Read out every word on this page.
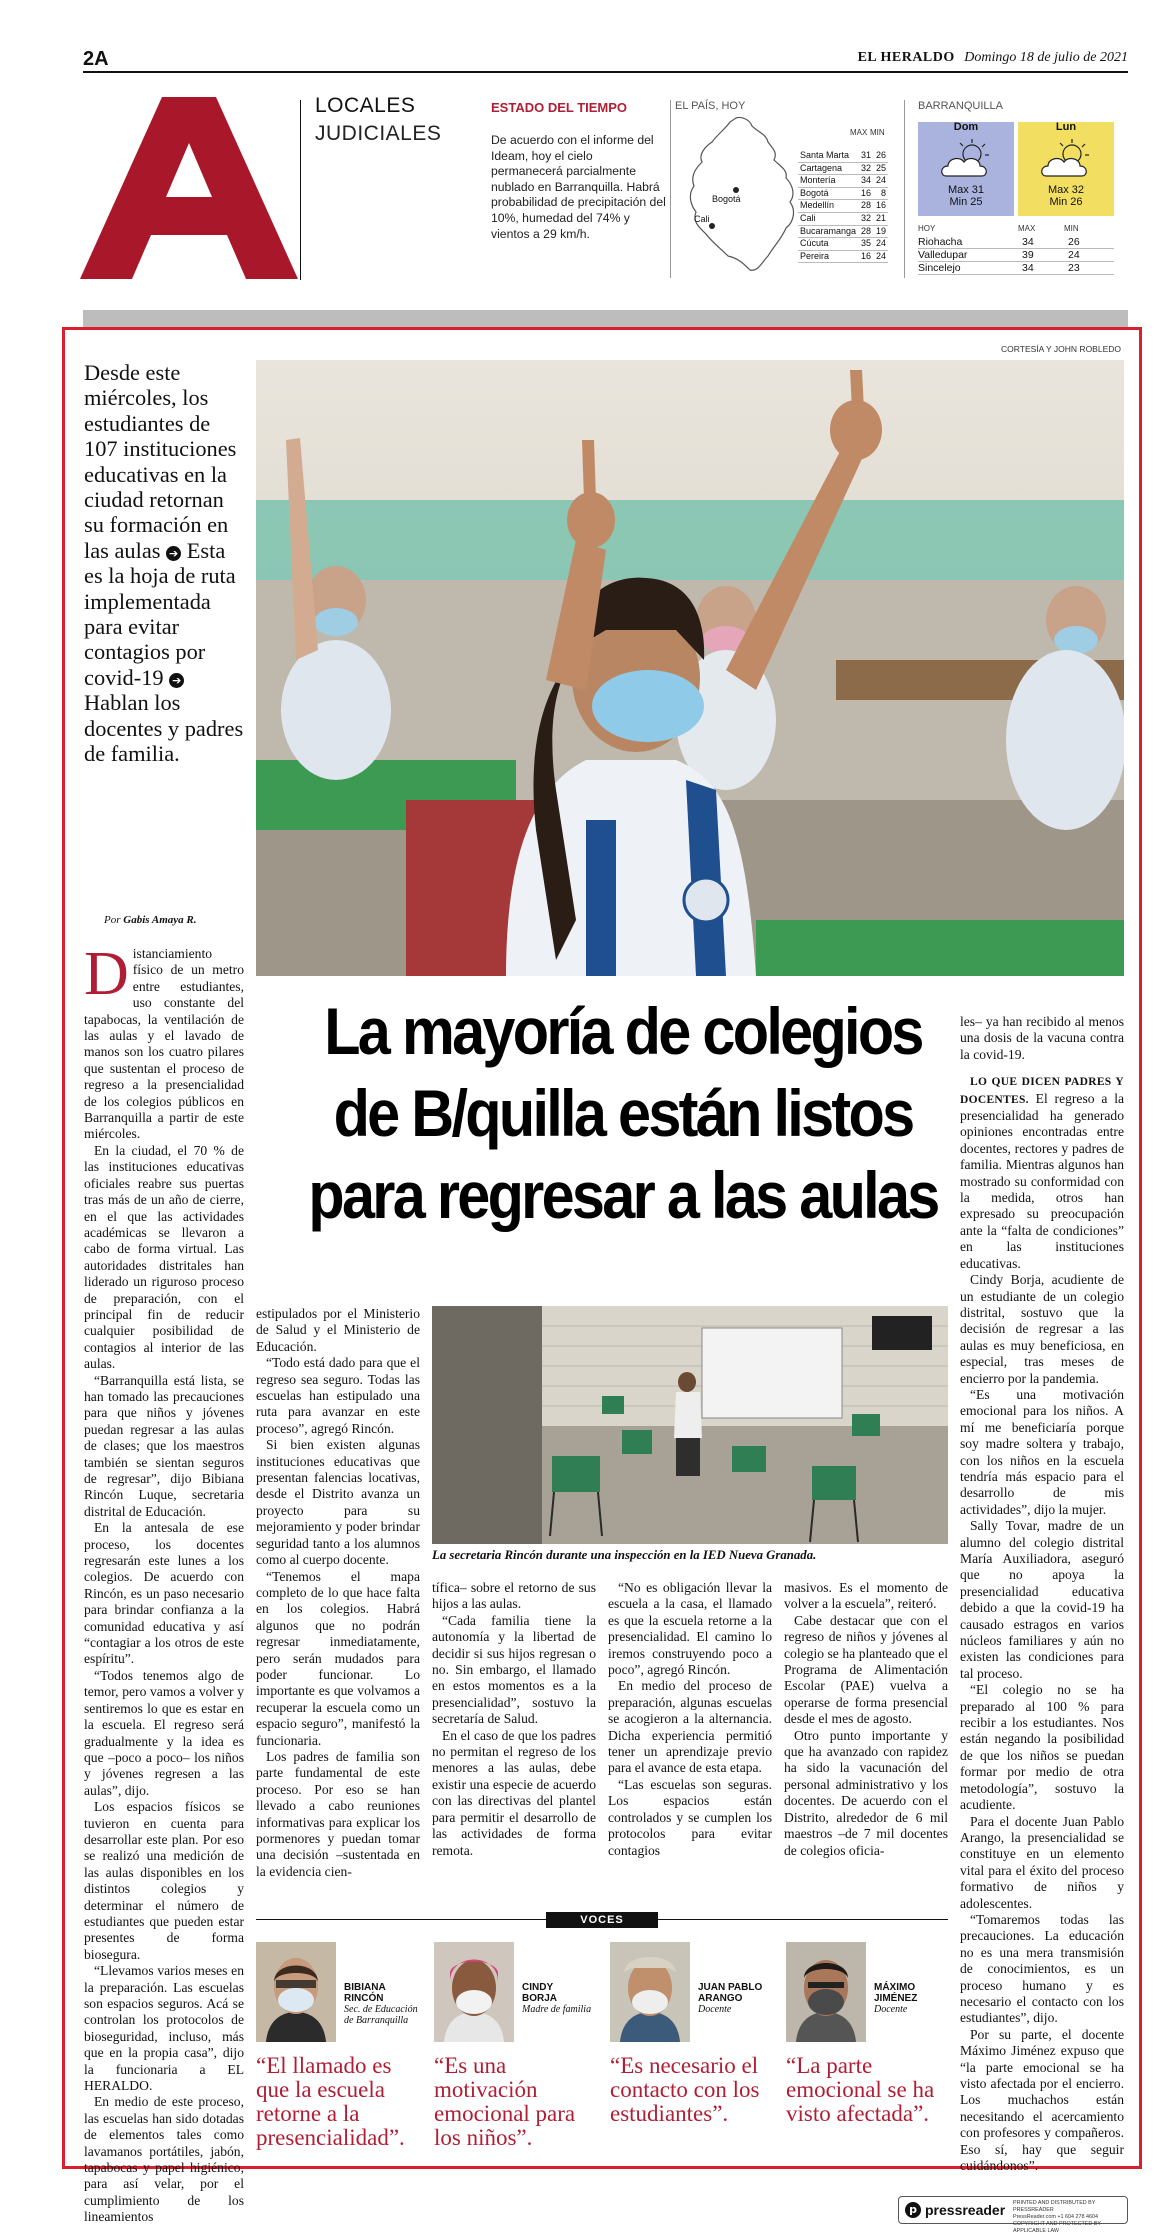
2A	EL HERALDO Domingo 18 de julio de 2021
LOCALES
JUDICIALES
ESTADO DEL TIEMPO
De acuerdo con el informe del Ideam, hoy el cielo permanecerá parcialmente nublado en Barranquilla. Habrá probabilidad de precipitación del 10%, humedad del 74% y vientos a 29 km/h.
EL PAÍS, HOY
Bogotá
Cali
MAX MIN
Santa Marta	31	26
Cartagena	32	25
Montería	34	24
Bogotá	16	8
Medellín	28	16
Cali	32	21
Bucaramanga	28	19
Cúcuta	35	24
Pereira	16	24
BARRANQUILLA
Dom
Max 31
Min 25
Lun
Max 32
Min 26
HOY	MAX	MIN
Riohacha	34	26
Valledupar	39	24
Sincelejo	34	23
CORTESÍA Y JOHN ROBLEDO
Desde este miércoles, los estudiantes de 107 instituciones educativas en la ciudad retornan su formación en las aulas ➔ Esta es la hoja de ruta implementada para evitar contagios por covid-19 ➔ Hablan los docentes y padres de familia.
Por Gabis Amaya R.
La mayoría de colegios
de B/quilla están listos
para regresar a las aulas
D istanciamiento físico de un metro entre estudiantes, uso constante del tapabocas, la ventilación de las aulas y el lavado de manos son los cuatro pilares que sustentan el proceso de regreso a la presencialidad de los colegios públicos en Barranquilla a partir de este miércoles.

En la ciudad, el 70 % de las instituciones educativas oficiales reabre sus puertas tras más de un año de cierre, en el que las actividades académicas se llevaron a cabo de forma virtual. Las autoridades distritales han liderado un riguroso proceso de preparación, con el principal fin de reducir cualquier posibilidad de contagios al interior de las aulas.

“Barranquilla está lista, se han tomado las precauciones para que niños y jóvenes puedan regresar a las aulas de clases; que los maestros también se sientan seguros de regresar”, dijo Bibiana Rincón Luque, secretaria distrital de Educación.

En la antesala de ese proceso, los docentes regresarán este lunes a los colegios. De acuerdo con Rincón, es un paso necesario para brindar confianza a la comunidad educativa y así “contagiar a los otros de este espíritu”.

“Todos tenemos algo de temor, pero vamos a volver y sentiremos lo que es estar en la escuela. El regreso será gradualmente y la idea es que –poco a poco– los niños y jóvenes regresen a las aulas”, dijo.

Los espacios físicos se tuvieron en cuenta para desarrollar este plan. Por eso se realizó una medición de las aulas disponibles en los distintos colegios y determinar el número de estudiantes que pueden estar presentes de forma biosegura.

“Llevamos varios meses en la preparación. Las escuelas son espacios seguros. Acá se controlan los protocolos de bioseguridad, incluso, más que en la propia casa”, dijo la funcionaria a EL HERALDO.

En medio de este proceso, las escuelas han sido dotadas de elementos tales como lavamanos portátiles, jabón, tapabocas y papel higiénico, para así velar, por el cumplimiento de los lineamientos

estipulados por el Ministerio de Salud y el Ministerio de Educación.

“Todo está dado para que el regreso sea seguro. Todas las escuelas han estipulado una ruta para avanzar en este proceso”, agregó Rincón.

Si bien existen algunas instituciones educativas que presentan falencias locativas, desde el Distrito avanza un proyecto para su mejoramiento y poder brindar seguridad tanto a los alumnos como al cuerpo docente.

“Tenemos el mapa completo de lo que hace falta en los colegios. Habrá algunos que no podrán regresar inmediatamente, pero serán mudados para poder funcionar. Lo importante es que volvamos a recuperar la escuela como un espacio seguro”, manifestó la funcionaria.

Los padres de familia son parte fundamental de este proceso. Por eso se han llevado a cabo reuniones informativas para explicar los pormenores y puedan tomar una decisión –sustentada en la evidencia cien-

La secretaria Rincón durante una inspección en la IED Nueva Granada.

tífica– sobre el retorno de sus hijos a las aulas.

“Cada familia tiene la autonomía y la libertad de decidir si sus hijos regresan o no. Sin embargo, el llamado en estos momentos es a la presencialidad”, sostuvo la secretaría de Salud.

En el caso de que los padres no permitan el regreso de los menores a las aulas, debe existir una especie de acuerdo con las directivas del plantel para permitir el desarrollo de las actividades de forma remota.

“No es obligación llevar la escuela a la casa, el llamado es que la escuela retorne a la presencialidad. El camino lo iremos construyendo poco a poco”, agregó Rincón.

En medio del proceso de preparación, algunas escuelas se acogieron a la alternancia. Dicha experiencia permitió tener un aprendizaje previo para el avance de esta etapa.

“Las escuelas son seguras. Los espacios están controlados y se cumplen los protocolos para evitar contagios

masivos. Es el momento de volver a la escuela”, reiteró.

Cabe destacar que con el regreso de niños y jóvenes al colegio se ha planteado que el Programa de Alimentación Escolar (PAE) vuelva a operarse de forma presencial desde el mes de agosto.

Otro punto importante y que ha avanzado con rapidez ha sido la vacunación del personal administrativo y los docentes. De acuerdo con el Distrito, alrededor de 6 mil maestros –de 7 mil docentes de colegios oficia-

les– ya han recibido al menos una dosis de la vacuna contra la covid-19.

LO QUE DICEN PADRES Y DOCENTES. El regreso a la presencialidad ha generado opiniones encontradas entre docentes, rectores y padres de familia. Mientras algunos han mostrado su conformidad con la medida, otros han expresado su preocupación ante la “falta de condiciones” en las instituciones educativas.

Cindy Borja, acudiente de un estudiante de un colegio distrital, sostuvo que la decisión de regresar a las aulas es muy beneficiosa, en especial, tras meses de encierro por la pandemia.

“Es una motivación emocional para los niños. A mí me beneficiaría porque soy madre soltera y trabajo, con los niños en la escuela tendría más espacio para el desarrollo de mis actividades”, dijo la mujer.

Sally Tovar, madre de un alumno del colegio distrital María Auxiliadora, aseguró que no apoya la presencialidad educativa debido a que la covid-19 ha causado estragos en varios núcleos familiares y aún no existen las condiciones para tal proceso.

“El colegio no se ha preparado al 100 % para recibir a los estudiantes. Nos están negando la posibilidad de que los niños se puedan formar por medio de otra metodología”, sostuvo la acudiente.

Para el docente Juan Pablo Arango, la presencialidad se constituye en un elemento vital para el éxito del proceso formativo de niños y adolescentes.

“Tomaremos todas las precauciones. La educación no es una mera transmisión de conocimientos, es un proceso humano y es necesario el contacto con los estudiantes”, dijo.

Por su parte, el docente Máximo Jiménez expuso que “la parte emocional se ha visto afectada por el encierro. Los muchachos están necesitando el acercamiento con profesores y compañeros. Eso sí, hay que seguir cuidándonos”.

VOCES
BIBIANA
RINCÓN
Sec. de Educación de Barranquilla
“El llamado es que la escuela retorne a la presencialidad”.
CINDY
BORJA
Madre de familia
“Es una motivación emocional para los niños”.
JUAN PABLO
ARANGO
Docente
“Es necesario el contacto con los estudiantes”.
MÁXIMO
JIMÉNEZ
Docente
“La parte emocional se ha visto afectada”.
p pressreader PRINTED AND DISTRIBUTED BY PRESSREADER
PressReader.com +1 604 278 4604
COPYRIGHT AND PROTECTED BY APPLICABLE LAW
